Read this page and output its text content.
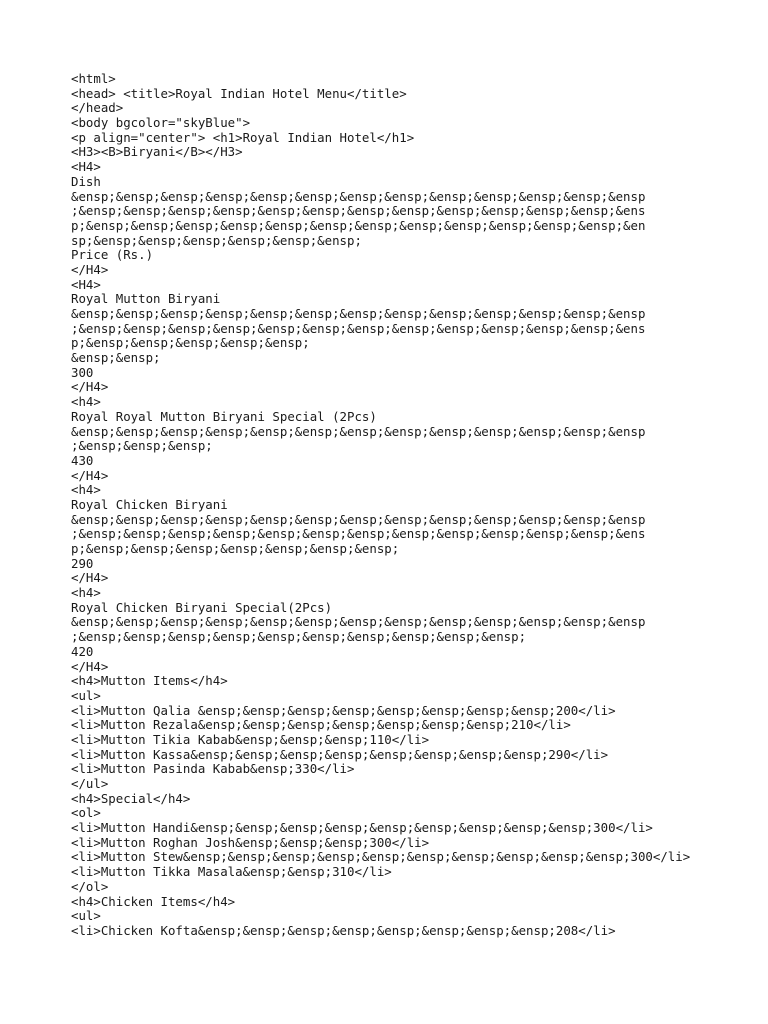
<html>
<head> <title>Royal Indian Hotel Menu</title>
</head>
<body bgcolor="skyBlue">
<p align="center"> <h1>Royal Indian Hotel</h1>
<H3><B>Biryani</B></H3>
<H4>
Dish
&ensp;&ensp;&ensp;&ensp;&ensp;&ensp;&ensp;&ensp;&ensp;&ensp;&ensp;&ensp;&ensp
;&ensp;&ensp;&ensp;&ensp;&ensp;&ensp;&ensp;&ensp;&ensp;&ensp;&ensp;&ensp;&ens
p;&ensp;&ensp;&ensp;&ensp;&ensp;&ensp;&ensp;&ensp;&ensp;&ensp;&ensp;&ensp;&en
sp;&ensp;&ensp;&ensp;&ensp;&ensp;&ensp;
Price (Rs.)
</H4>
<H4>
Royal Mutton Biryani
&ensp;&ensp;&ensp;&ensp;&ensp;&ensp;&ensp;&ensp;&ensp;&ensp;&ensp;&ensp;&ensp
;&ensp;&ensp;&ensp;&ensp;&ensp;&ensp;&ensp;&ensp;&ensp;&ensp;&ensp;&ensp;&ens
p;&ensp;&ensp;&ensp;&ensp;&ensp;
&ensp;&ensp;
300
</H4>
<h4>
Royal Royal Mutton Biryani Special (2Pcs)
&ensp;&ensp;&ensp;&ensp;&ensp;&ensp;&ensp;&ensp;&ensp;&ensp;&ensp;&ensp;&ensp
;&ensp;&ensp;&ensp;
430
</H4>
<h4>
Royal Chicken Biryani
&ensp;&ensp;&ensp;&ensp;&ensp;&ensp;&ensp;&ensp;&ensp;&ensp;&ensp;&ensp;&ensp
;&ensp;&ensp;&ensp;&ensp;&ensp;&ensp;&ensp;&ensp;&ensp;&ensp;&ensp;&ensp;&ens
p;&ensp;&ensp;&ensp;&ensp;&ensp;&ensp;&ensp;
290
</H4>
<h4>
Royal Chicken Biryani Special(2Pcs)
&ensp;&ensp;&ensp;&ensp;&ensp;&ensp;&ensp;&ensp;&ensp;&ensp;&ensp;&ensp;&ensp
;&ensp;&ensp;&ensp;&ensp;&ensp;&ensp;&ensp;&ensp;&ensp;&ensp;
420
</H4>
<h4>Mutton Items</h4>
<ul>
<li>Mutton Qalia &ensp;&ensp;&ensp;&ensp;&ensp;&ensp;&ensp;&ensp;200</li>
<li>Mutton Rezala&ensp;&ensp;&ensp;&ensp;&ensp;&ensp;&ensp;210</li>
<li>Mutton Tikia Kabab&ensp;&ensp;&ensp;110</li>
<li>Mutton Kassa&ensp;&ensp;&ensp;&ensp;&ensp;&ensp;&ensp;&ensp;290</li>
<li>Mutton Pasinda Kabab&ensp;330</li>
</ul>
<h4>Special</h4>
<ol>
<li>Mutton Handi&ensp;&ensp;&ensp;&ensp;&ensp;&ensp;&ensp;&ensp;&ensp;300</li>
<li>Mutton Roghan Josh&ensp;&ensp;&ensp;300</li>
<li>Mutton Stew&ensp;&ensp;&ensp;&ensp;&ensp;&ensp;&ensp;&ensp;&ensp;&ensp;300</li>
<li>Mutton Tikka Masala&ensp;&ensp;310</li>
</ol>
<h4>Chicken Items</h4>
<ul>
<li>Chicken Kofta&ensp;&ensp;&ensp;&ensp;&ensp;&ensp;&ensp;&ensp;208</li>
